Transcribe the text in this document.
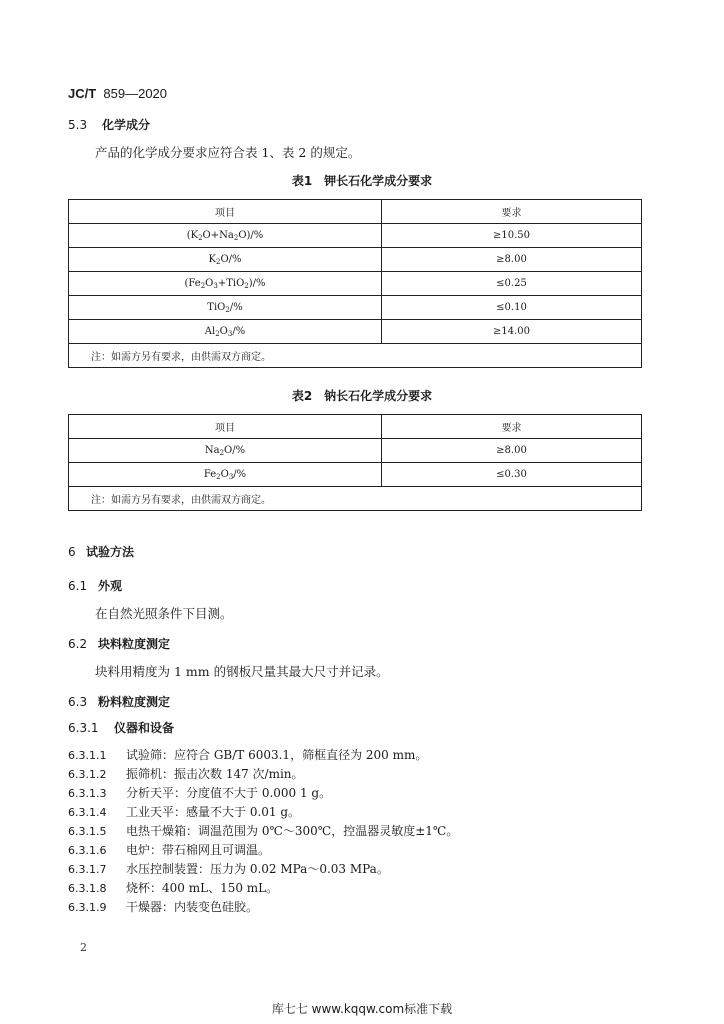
JC/T 859—2020
5.3 化学成分
产品的化学成分要求应符合表 1、表 2 的规定。
表1　钾长石化学成分要求
项目	要求
$(K_2O+Na_2O)/\%$	≥10.50
$K_2O/\%$	≥8.00
$(Fe_2O_3+TiO_2)/\%$	≤0.25
TiO$_2$/%	≤0.10
$Al_2O_3/\%$	≥14.00
注：如需方另有要求，由供需双方商定。	
表2　钠长石化学成分要求
项目	要求
$Na_2O/\%$	≥8.00
$Fe_2O_3/\%$	≤0.30
注：如需方另有要求，由供需双方商定。	
6 试验方法
6.1 外观
在自然光照条件下目测。
6.2 块料粒度测定
块料用精度为 1 mm 的钢板尺量其最大尺寸并记录。
6.3 粉料粒度测定
6.3.1 仪器和设备
6.3.1.1 试验筛：应符合 GB/T 6003.1，筛框直径为 200 mm。
6.3.1.2 振筛机：振击次数 147 次/min。
6.3.1.3 分析天平：分度值不大于 0.000 1 g。
6.3.1.4 工业天平：感量不大于 0.01 g。
6.3.1.5 电热干燥箱：调温范围为 0℃～300℃，控温器灵敏度±1℃。
6.3.1.6 电炉：带石棉网且可调温。
6.3.1.7 水压控制装置：压力为 0.02 MPa～0.03 MPa。
6.3.1.8 烧杯：400 mL、150 mL。
6.3.1.9 干燥器：内装变色硅胶。
2
库七七 www.kqqw.com标准下载
